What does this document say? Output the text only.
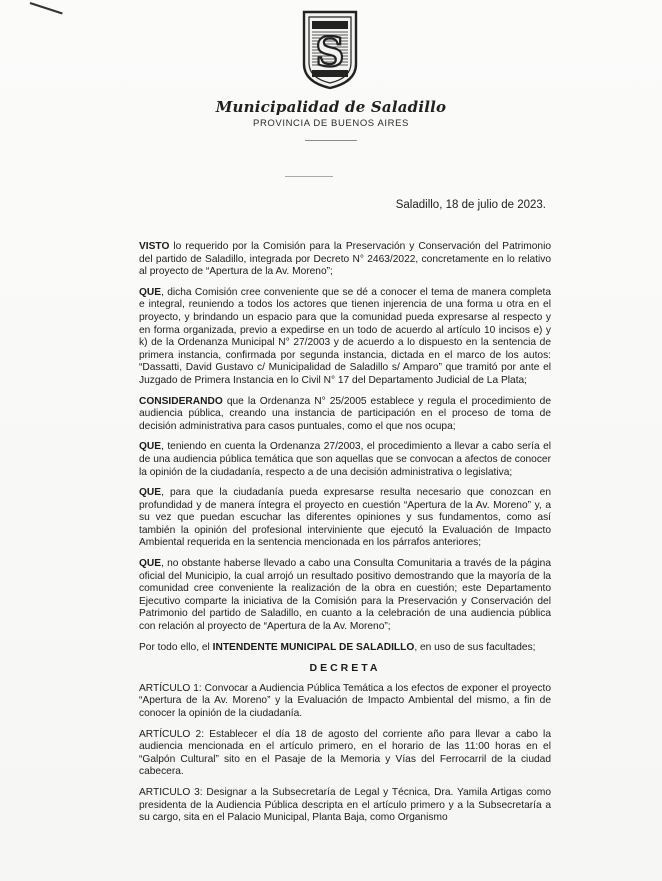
S
Municipalidad de Saladillo
PROVINCIA DE BUENOS AIRES
Saladillo, 18 de julio de 2023.

VISTO lo requerido por la Comisión para la Preservación y Conservación del Patrimonio del partido de Saladillo, integrada por Decreto N° 2463/2022, concretamente en lo relativo al proyecto de “Apertura de la Av. Moreno”;

QUE, dicha Comisión cree conveniente que se dé a conocer el tema de manera completa e integral, reuniendo a todos los actores que tienen injerencia de una forma u otra en el proyecto, y brindando un espacio para que la comunidad pueda expresarse al respecto y en forma organizada, previo a expedirse en un todo de acuerdo al artículo 10 incisos e) y k) de la Ordenanza Municipal N° 27/2003 y de acuerdo a lo dispuesto en la sentencia de primera instancia, confirmada por segunda instancia, dictada en el marco de los autos: “Dassatti, David Gustavo c/ Municipalidad de Saladillo s/ Amparo” que tramitó por ante el Juzgado de Primera Instancia en lo Civil N° 17 del Departamento Judicial de La Plata;

CONSIDERANDO que la Ordenanza N° 25/2005 establece y regula el procedimiento de audiencia pública, creando una instancia de participación en el proceso de toma de decisión administrativa para casos puntuales, como el que nos ocupa;

QUE, teniendo en cuenta la Ordenanza 27/2003, el procedimiento a llevar a cabo sería el de una audiencia pública temática que son aquellas que se convocan a afectos de conocer la opinión de la ciudadanía, respecto a de una decisión administrativa o legislativa;

QUE, para que la ciudadanía pueda expresarse resulta necesario que conozcan en profundidad y de manera íntegra el proyecto en cuestión “Apertura de la Av. Moreno” y, a su vez que puedan escuchar las diferentes opiniones y sus fundamentos, como así también la opinión del profesional interviniente que ejecutó la Evaluación de Impacto Ambiental requerida en la sentencia mencionada en los párrafos anteriores;

QUE, no obstante haberse llevado a cabo una Consulta Comunitaria a través de la página oficial del Municipio, la cual arrojó un resultado positivo demostrando que la mayoría de la comunidad cree conveniente la realización de la obra en cuestión; este Departamento Ejecutivo comparte la iniciativa de la Comisión para la Preservación y Conservación del Patrimonio del partido de Saladillo, en cuanto a la celebración de una audiencia pública con relación al proyecto de “Apertura de la Av. Moreno”;

Por todo ello, el INTENDENTE MUNICIPAL DE SALADILLO, en uso de sus facultades;

DECRETA

ARTÍCULO 1: Convocar a Audiencia Pública Temática a los efectos de exponer el proyecto “Apertura de la Av. Moreno” y la Evaluación de Impacto Ambiental del mismo, a fin de conocer la opinión de la ciudadanía.

ARTÍCULO 2: Establecer el día 18 de agosto del corriente año para llevar a cabo la audiencia mencionada en el artículo primero, en el horario de las 11:00 horas en el “Galpón Cultural” sito en el Pasaje de la Memoria y Vías del Ferrocarril de la ciudad cabecera.

ARTICULO 3: Designar a la Subsecretaría de Legal y Técnica, Dra. Yamila Artigas como presidenta de la Audiencia Pública descripta en el artículo primero y a la Subsecretaría a su cargo, sita en el Palacio Municipal, Planta Baja, como Organismo
